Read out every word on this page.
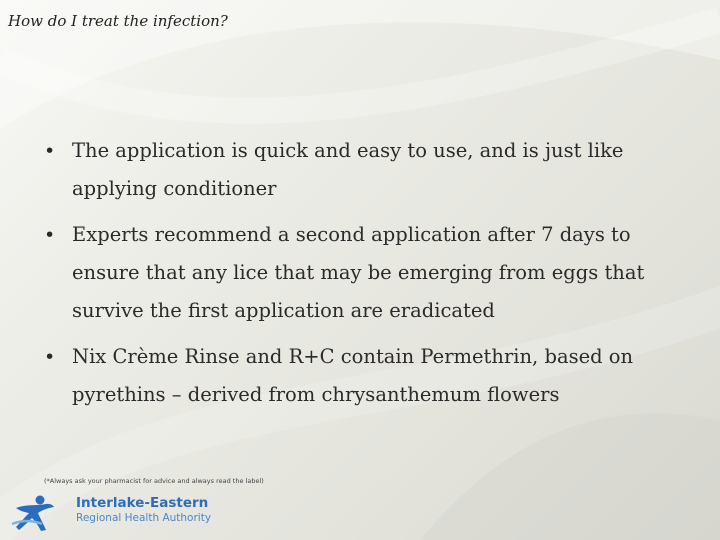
How do I treat the infection?
• The application is quick and easy to use, and is just like applying conditioner
• Experts recommend a second application after 7 days to ensure that any lice that may be emerging from eggs that survive the first application are eradicated
• Nix Crème Rinse and R+C contain Permethrin, based on pyrethins – derived from chrysanthemum flowers
(*Always ask your pharmacist for advice and always read the label)
Interlake-Eastern
Regional Health Authority
